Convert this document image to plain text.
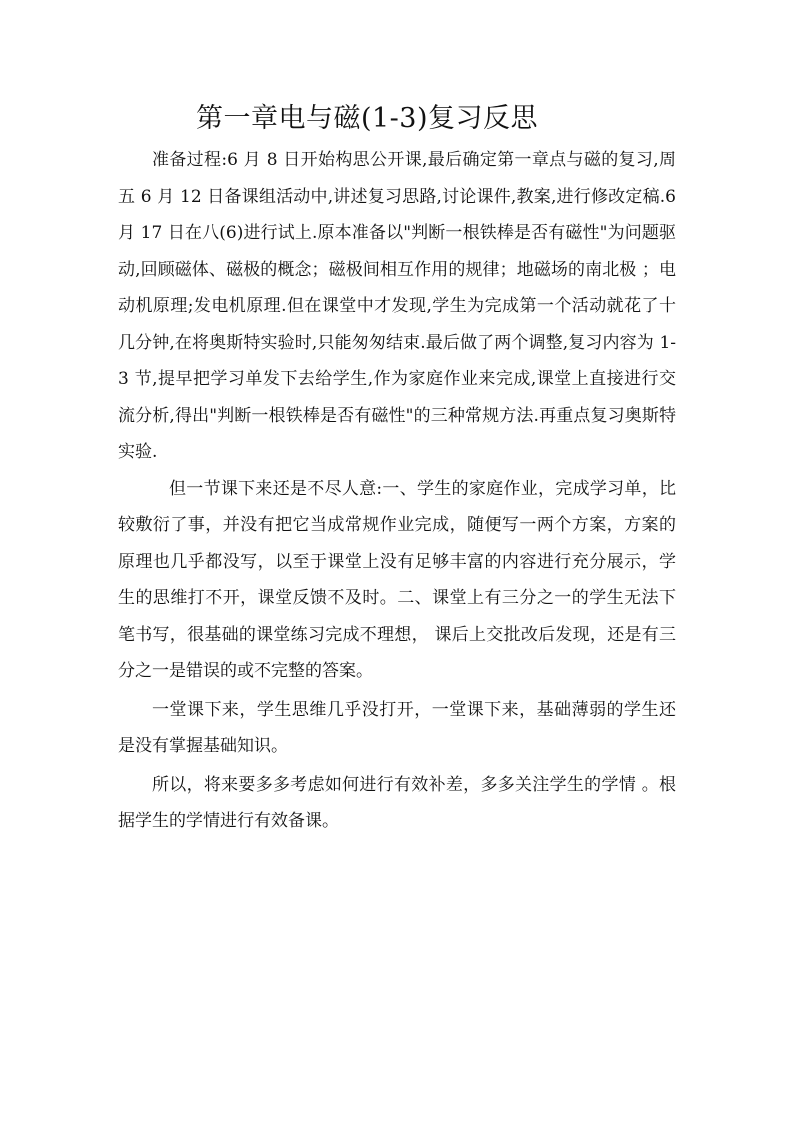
第一章电与磁(1-3)复习反思

准备过程:6 月 8 日开始构思公开课,最后确定第一章点与磁的复习,周五 6 月 12 日备课组活动中,讲述复习思路,讨论课件,教案,进行修改定稿.6 月 17 日在八(6)进行试上.原本准备以"判断一根铁棒是否有磁性"为问题驱动,回顾磁体、磁极的概念；磁极间相互作用的规律；地磁场的南北极 ；电动机原理;发电机原理.但在课堂中才发现,学生为完成第一个活动就花了十几分钟,在将奥斯特实验时,只能匆匆结束.最后做了两个调整,复习内容为 1-3 节,提早把学习单发下去给学生,作为家庭作业来完成,课堂上直接进行交流分析,得出"判断一根铁棒是否有磁性"的三种常规方法.再重点复习奥斯特实验.

但一节课下来还是不尽人意:一、学生的家庭作业，完成学习单，比较敷衍了事，并没有把它当成常规作业完成，随便写一两个方案，方案的原理也几乎都没写，以至于课堂上没有足够丰富的内容进行充分展示，学生的思维打不开，课堂反馈不及时。二、课堂上有三分之一的学生无法下笔书写，很基础的课堂练习完成不理想， 课后上交批改后发现，还是有三分之一是错误的或不完整的答案。

一堂课下来，学生思维几乎没打开，一堂课下来，基础薄弱的学生还是没有掌握基础知识。

所以，将来要多多考虑如何进行有效补差，多多关注学生的学情 。根据学生的学情进行有效备课。
